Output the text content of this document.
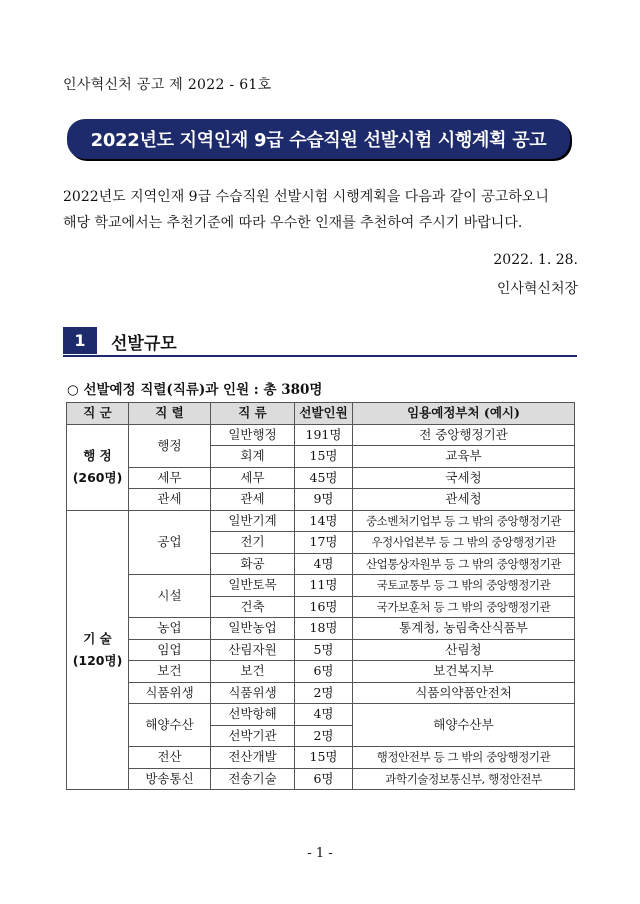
인사혁신처 공고 제 2022 - 61호
2022년도 지역인재 9급 수습직원 선발시험 시행계획 공고
2022년도 지역인재 9급 수습직원 선발시험 시행계획을 다음과 같이 공고하오니
해당 학교에서는 추천기준에 따라 우수한 인재를 추천하여 주시기 바랍니다.
2022. 1. 28.
인사혁신처장
1	선발규모
○ 선발예정 직렬(직류)과 인원 : 총 380명
직 군	직 렬	직 류	선발인원	임용예정부처 (예시)

행 정
(260명)	행정	일반행정	191명	전 중앙행정기관
		회계	15명	교육부
	세무	세무	45명	국세청
	관세	관세	9명	관세청

기 술
(120명)	공업	일반기계	14명	중소벤처기업부 등 그 밖의 중앙행정기관
		전기	17명	우정사업본부 등 그 밖의 중앙행정기관
		화공	4명	산업통상자원부 등 그 밖의 중앙행정기관
	시설	일반토목	11명	국토교통부 등 그 밖의 중앙행정기관
		건축	16명	국가보훈처 등 그 밖의 중앙행정기관
	농업	일반농업	18명	통계청, 농림축산식품부
	임업	산림자원	5명	산림청
	보건	보건	6명	보건복지부
	식품위생	식품위생	2명	식품의약품안전처
	해양수산	선박항해	4명	해양수산부
		선박기관	2명	
	전산	전산개발	15명	행정안전부 등 그 밖의 중앙행정기관
	방송통신	전송기술	6명	과학기술정보통신부, 행정안전부
- 1 -
